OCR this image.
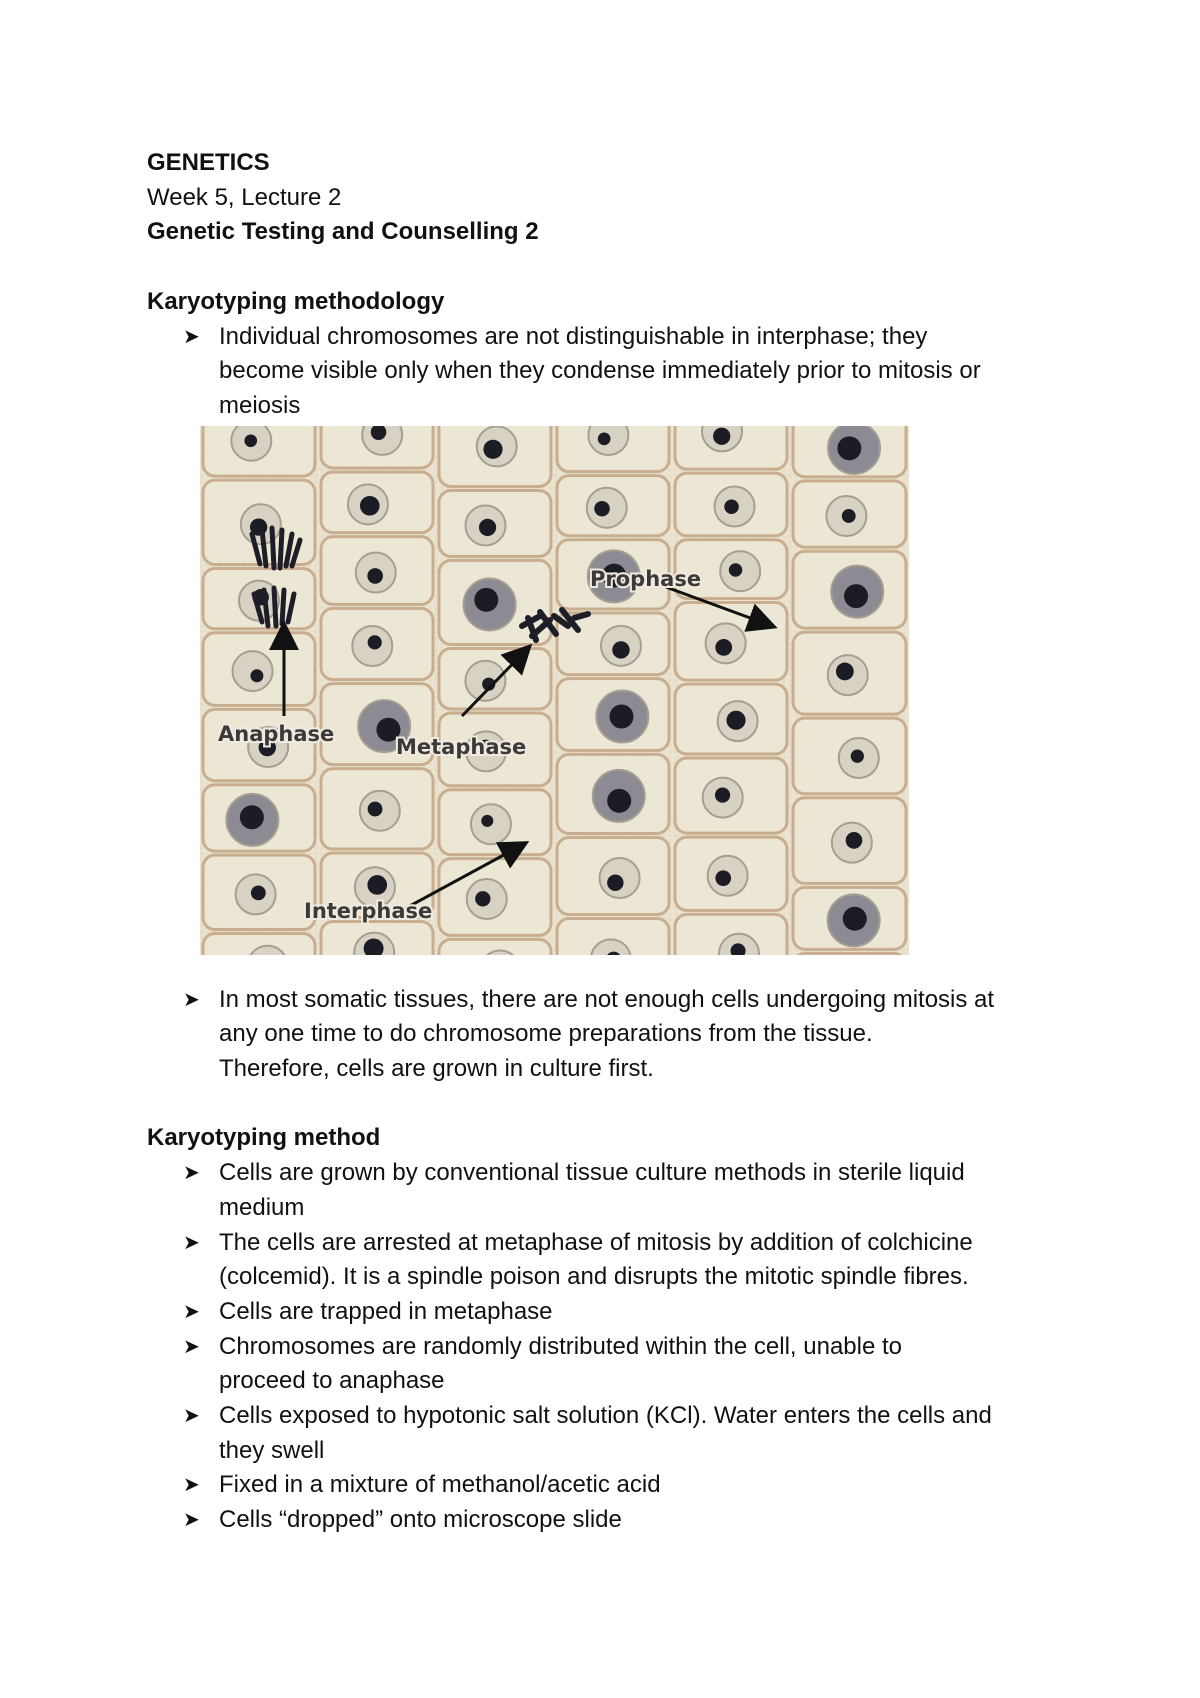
GENETICS
Week 5, Lecture 2
Genetic Testing and Counselling 2
Karyotyping methodology
➤ Individual chromosomes are not distinguishable in interphase; they
become visible only when they condense immediately prior to mitosis or
meiosis
Prophase
Anaphase
Metaphase
Interphase
➤ In most somatic tissues, there are not enough cells undergoing mitosis at
any one time to do chromosome preparations from the tissue.
Therefore, cells are grown in culture first.
Karyotyping method
➤ Cells are grown by conventional tissue culture methods in sterile liquid
medium
➤ The cells are arrested at metaphase of mitosis by addition of colchicine
(colcemid). It is a spindle poison and disrupts the mitotic spindle fibres.
➤ Cells are trapped in metaphase
➤ Chromosomes are randomly distributed within the cell, unable to
proceed to anaphase
➤ Cells exposed to hypotonic salt solution (KCl). Water enters the cells and
they swell
➤ Fixed in a mixture of methanol/acetic acid
➤ Cells “dropped” onto microscope slide
